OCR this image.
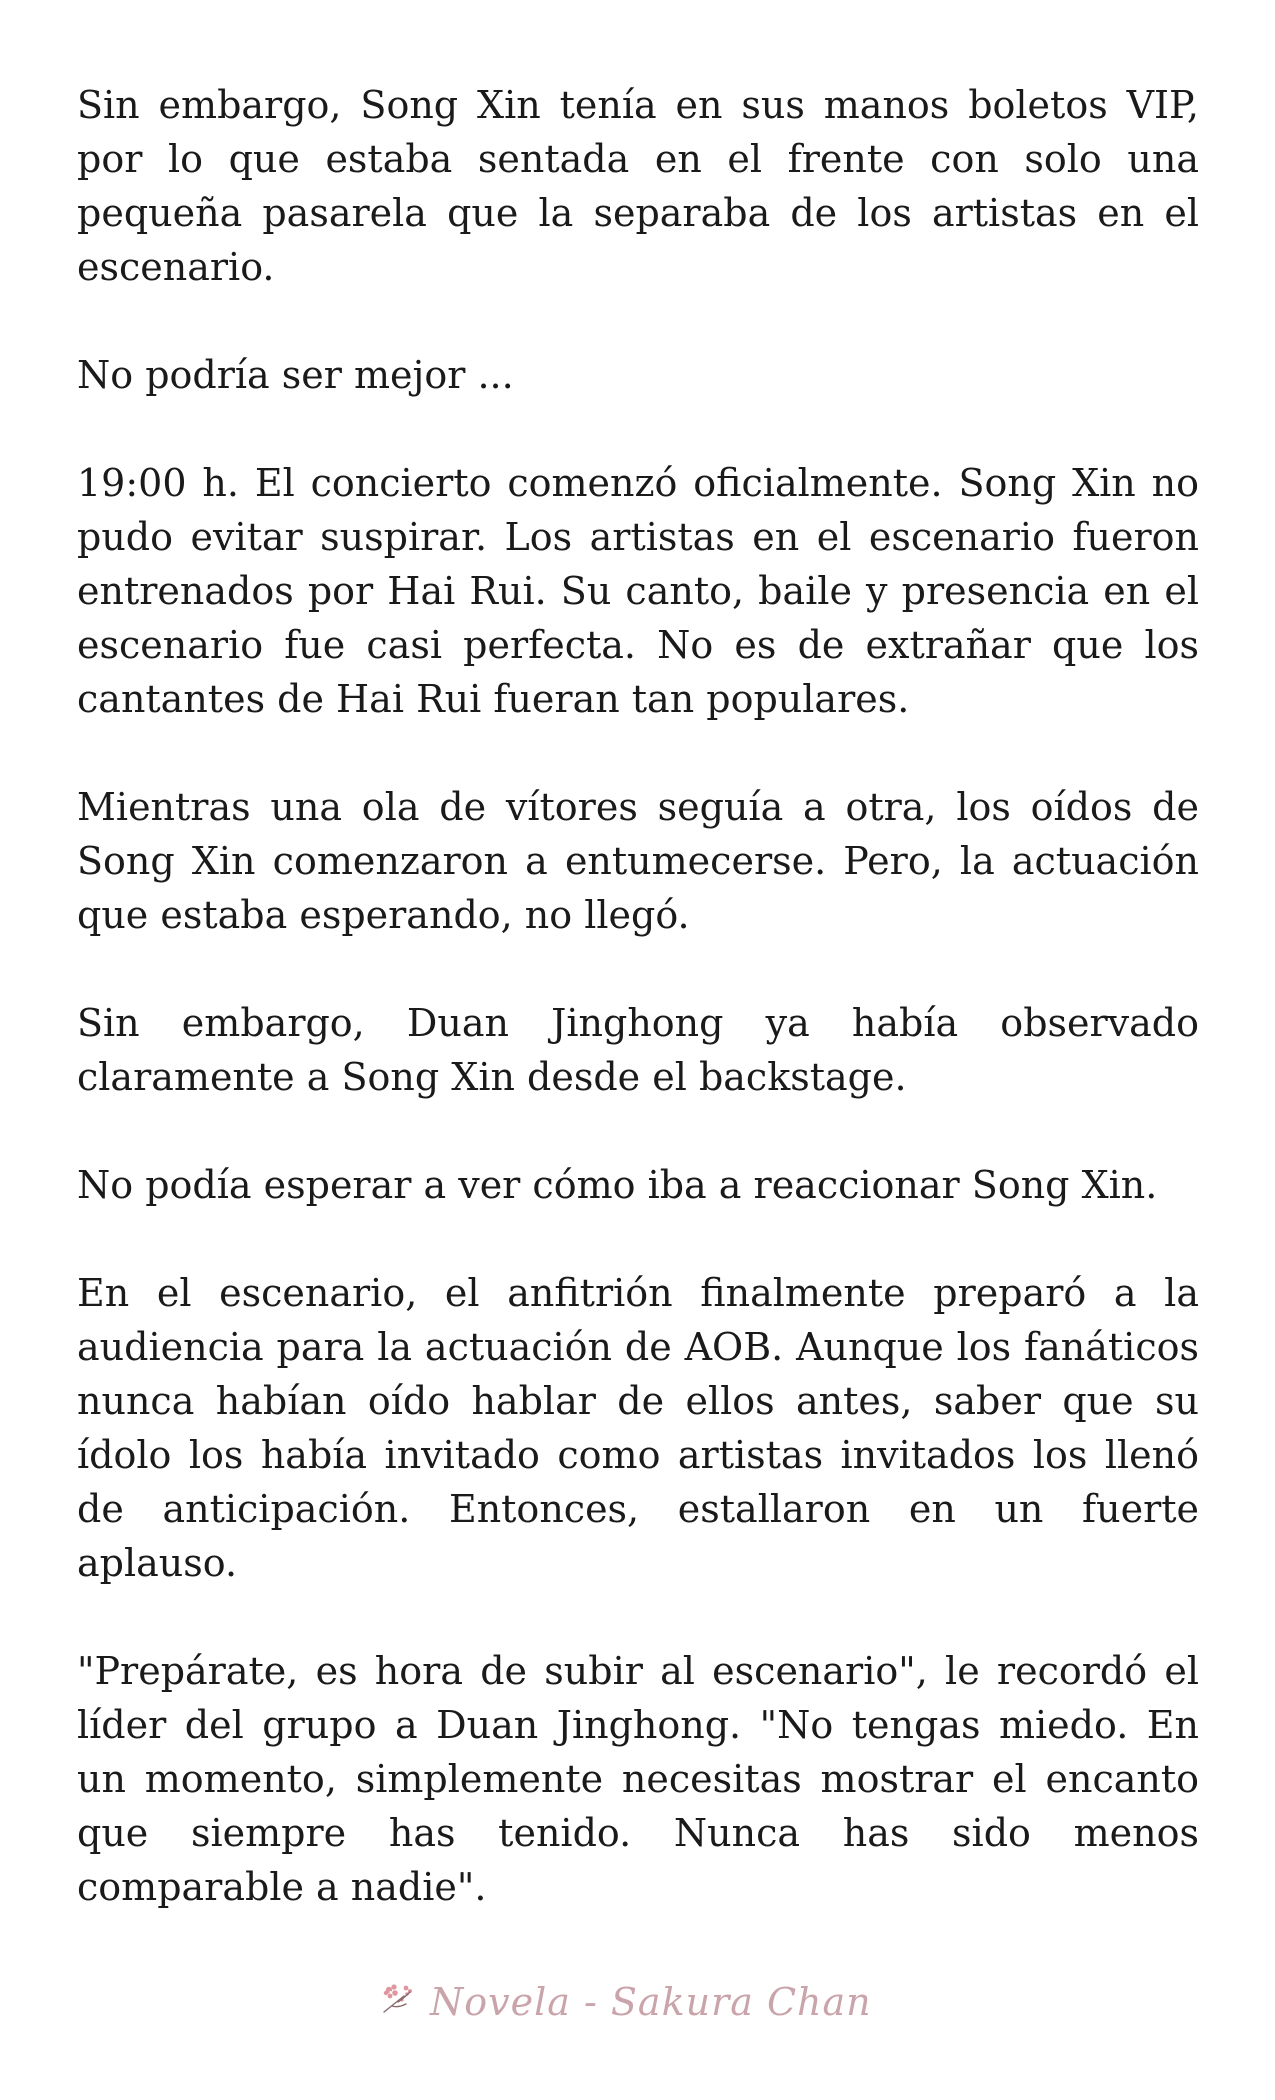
Sin embargo, Song Xin tenía en sus manos boletos VIP, por lo que estaba sentada en el frente con solo una pequeña pasarela que la separaba de los artistas en el escenario.

No podría ser mejor ...

19:00 h. El concierto comenzó oficialmente. Song Xin no pudo evitar suspirar. Los artistas en el escenario fueron entrenados por Hai Rui. Su canto, baile y presencia en el escenario fue casi perfecta. No es de extrañar que los cantantes de Hai Rui fueran tan populares.

Mientras una ola de vítores seguía a otra, los oídos de Song Xin comenzaron a entumecerse. Pero, la actuación que estaba esperando, no llegó.

Sin embargo, Duan Jinghong ya había observado claramente a Song Xin desde el backstage.

No podía esperar a ver cómo iba a reaccionar Song Xin.

En el escenario, el anfitrión finalmente preparó a la audiencia para la actuación de AOB. Aunque los fanáticos nunca habían oído hablar de ellos antes, saber que su ídolo los había invitado como artistas invitados los llenó de anticipación. Entonces, estallaron en un fuerte aplauso.

"Prepárate, es hora de subir al escenario", le recordó el líder del grupo a Duan Jinghong. "No tengas miedo. En un momento, simplemente necesitas mostrar el encanto que siempre has tenido. Nunca has sido menos comparable a nadie".

Novela - Sakura Chan
